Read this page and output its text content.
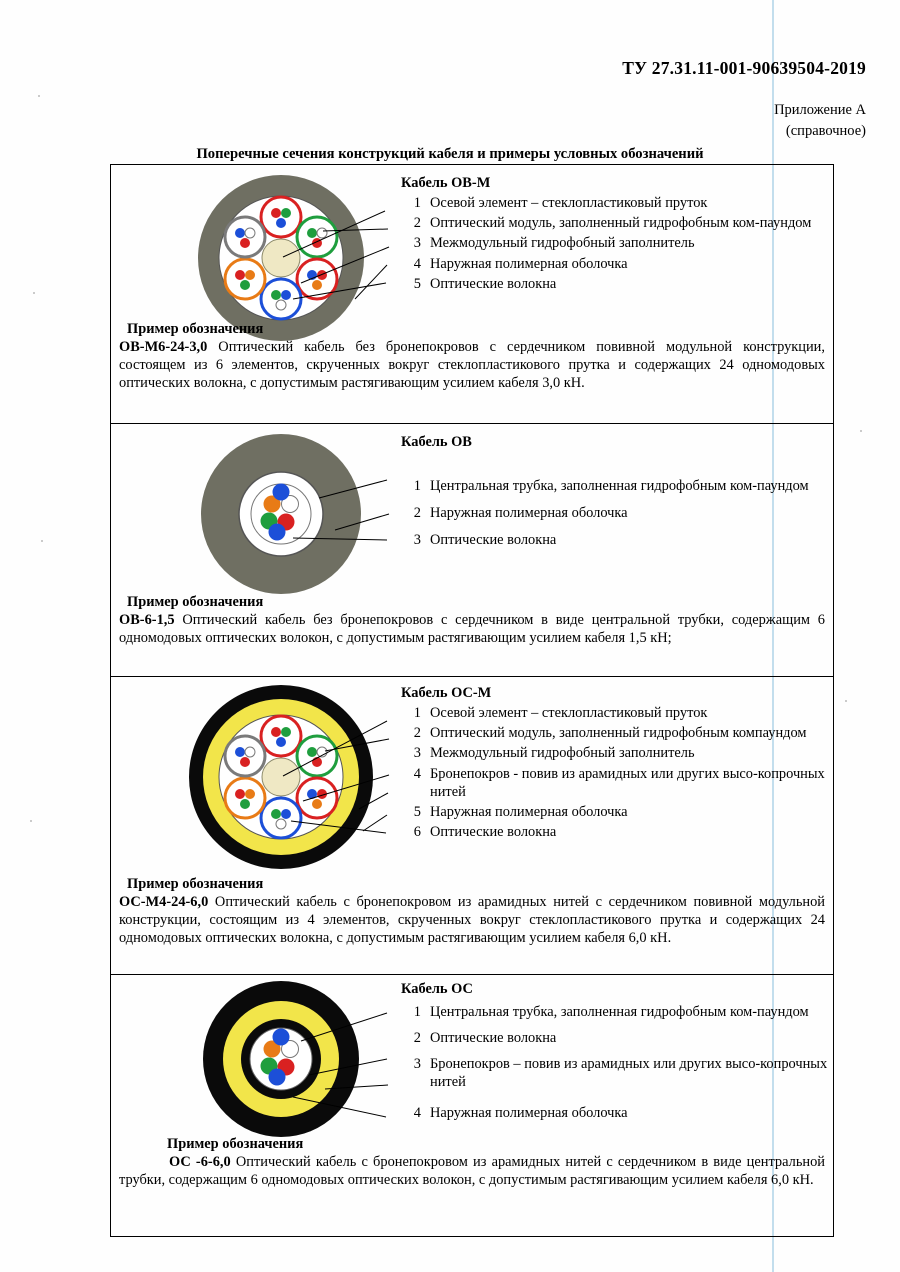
ТУ 27.31.11-001-90639504-2019
Приложение А
(справочное)
Поперечные сечения конструкций кабеля и примеры условных обозначений
Кабель ОВ-М
1	Осевой элемент – стеклопластиковый пруток
2	Оптический модуль, заполненный гидрофобным ком-паундом
3	Межмодульный гидрофобный заполнитель
4	Наружная полимерная оболочка
5	Оптические волокна
Пример обозначения
ОВ-М6-24-3,0 Оптический кабель без бронепокровов с сердечником повивной модульной конструкции, состоящем из 6 элементов, скрученных вокруг стеклопластикового прутка и содержащих 24 одномодовых оптических волокна, с допустимым растягивающим усилием кабеля 3,0 кН.
Кабель ОВ
1	Центральная трубка, заполненная гидрофобным ком-паундом
2	Наружная полимерная оболочка
3	Оптические волокна
Пример обозначения
ОВ-6-1,5 Оптический кабель без бронепокровов с сердечником в виде центральной трубки, содержащим 6 одномодовых оптических волокон, с допустимым растягивающим усилием кабеля 1,5 кН;
Кабель ОС-М
1	Осевой элемент – стеклопластиковый пруток
2	Оптический модуль, заполненный гидрофобным компаундом
3	Межмодульный гидрофобный заполнитель
4	Бронепокров - повив из арамидных или других высо-копрочных нитей
5	Наружная полимерная оболочка
6	Оптические волокна
Пример обозначения
ОС-М4-24-6,0 Оптический кабель с бронепокровом из арамидных нитей с сердечником повивной модульной конструкции, состоящим из 4 элементов, скрученных вокруг стеклопластикового прутка и содержащих 24 одномодовых оптических волокна, с допустимым растягивающим усилием кабеля 6,0 кН.
Кабель ОС
1	Центральная трубка, заполненная гидрофобным ком-паундом
2	Оптические волокна
3	Бронепокров – повив из арамидных или других высо-копрочных нитей
4	Наружная полимерная оболочка
Пример обозначения
ОС -6-6,0 Оптический кабель с бронепокровом из арамидных нитей с сердечником в виде центральной трубки, содержащим 6 одномодовых оптических волокон, с допустимым растягивающим усилием кабеля 6,0 кН.
